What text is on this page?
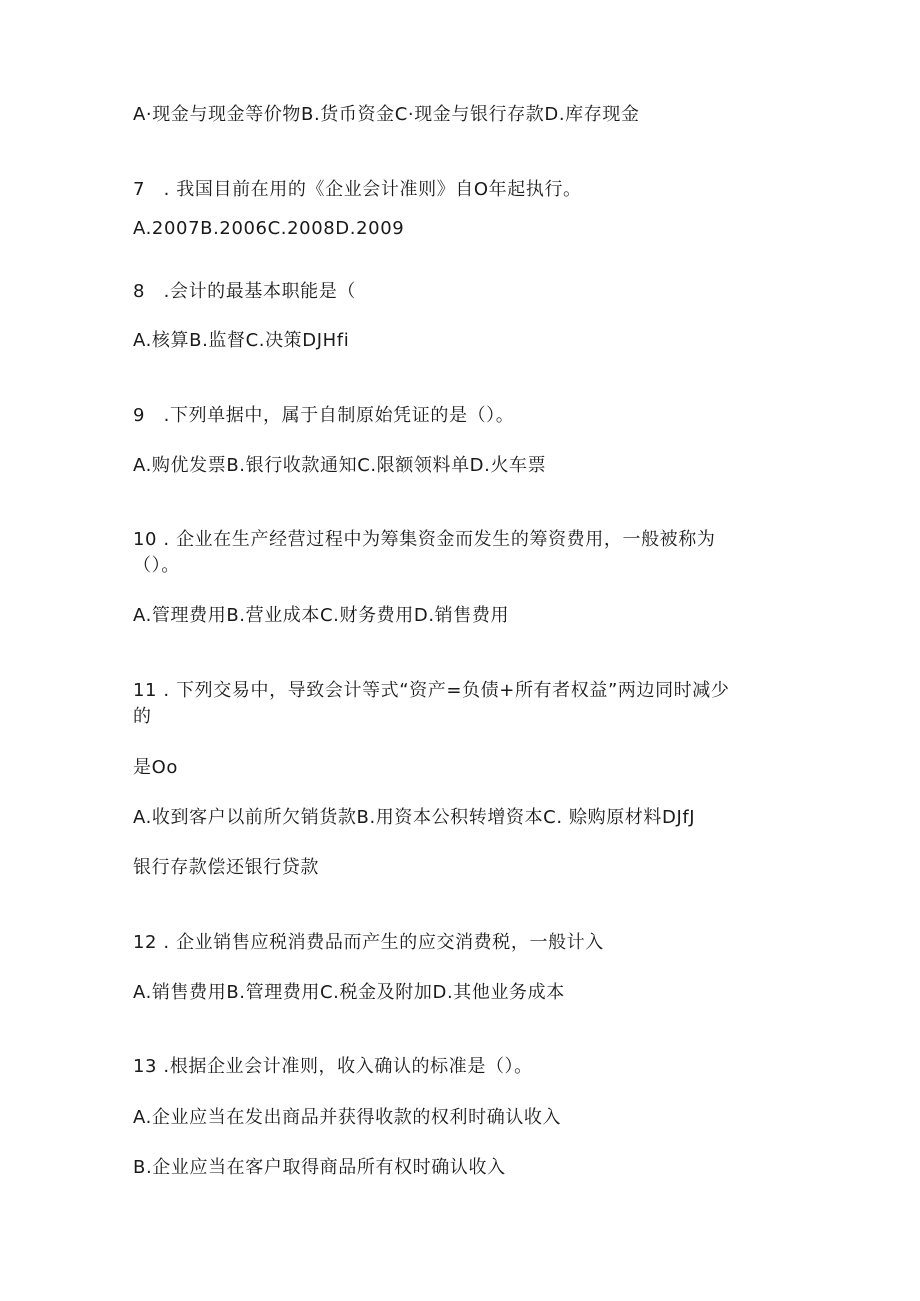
A·现金与现金等价物B.货币资金C·现金与银行存款D.库存现金
7　. 我国目前在用的《企业会计准则》自O年起执行。
A.2007B.2006C.2008D.2009
8　.会计的最基本职能是（
A.核算B.监督C.决策DJHfi
9　.下列单据中，属于自制原始凭证的是（）。
A.购优发票B.银行收款通知C.限额领料单D.火车票
10 . 企业在生产经营过程中为筹集资金而发生的筹资费用，一般被称为
（）。
A.管理费用B.营业成本C.财务费用D.销售费用
11 . 下列交易中，导致会计等式“资产=负债+所有者权益”两边同时减少
的
是Oo
A.收到客户以前所欠销货款B.用资本公积转增资本C. 赊购原材料DJfJ
银行存款偿还银行贷款
12 . 企业销售应税消费品而产生的应交消费税，一般计入
A.销售费用B.管理费用C.税金及附加D.其他业务成本
13 .根据企业会计准则，收入确认的标准是（）。
A.企业应当在发出商品并获得收款的权利时确认收入
B.企业应当在客户取得商品所有权时确认收入
